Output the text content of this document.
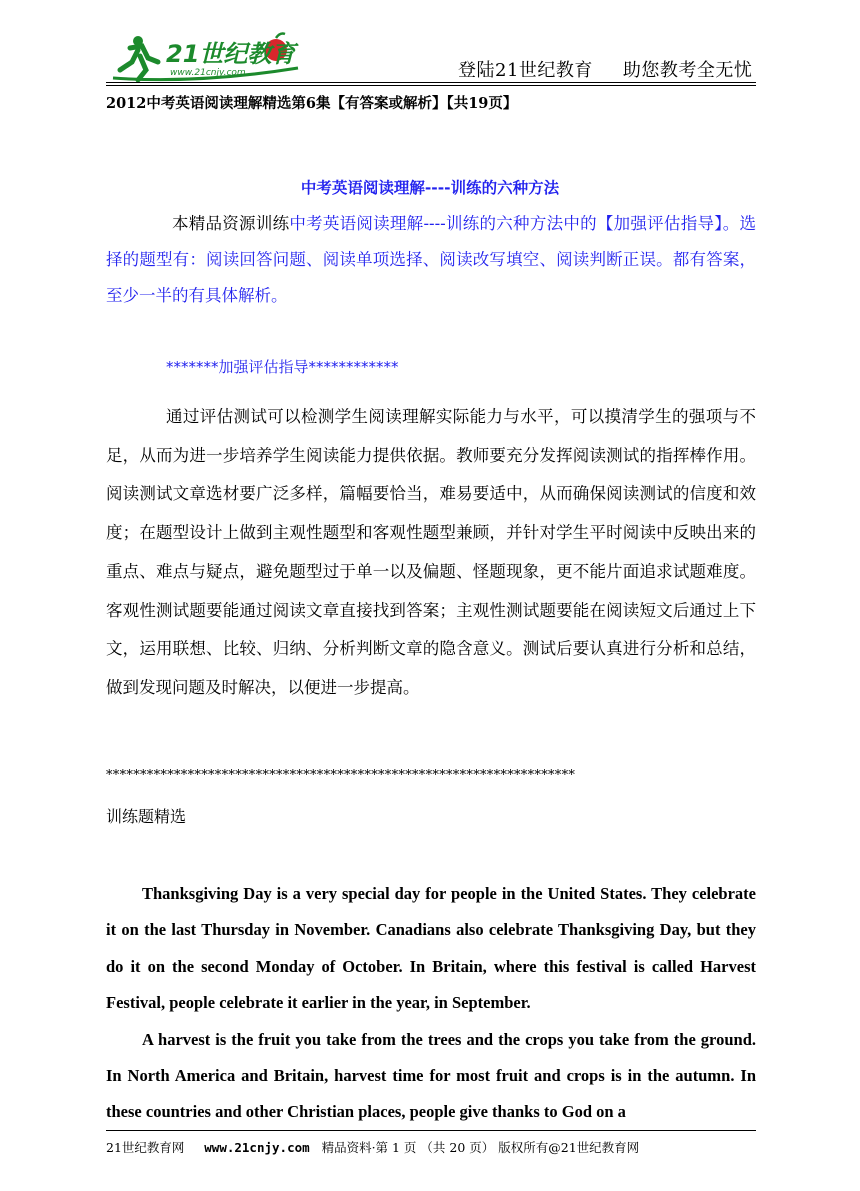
21世纪教育
www.21cnjy.com	登陆21世纪教育 助您教考全无忧
2012中考英语阅读理解精选第6集【有答案或解析】【共19页】
中考英语阅读理解----训练的六种方法
本精品资源训练中考英语阅读理解----训练的六种方法中的【加强评估指导】。选择的题型有：阅读回答问题、阅读单项选择、阅读改写填空、阅读判断正误。都有答案，至少一半的有具体解析。
*******加强评估指导************
通过评估测试可以检测学生阅读理解实际能力与水平，可以摸清学生的强项与不足，从而为进一步培养学生阅读能力提供依据。教师要充分发挥阅读测试的指挥棒作用。阅读测试文章选材要广泛多样，篇幅要恰当，难易要适中，从而确保阅读测试的信度和效度；在题型设计上做到主观性题型和客观性题型兼顾，并针对学生平时阅读中反映出来的重点、难点与疑点，避免题型过于单一以及偏题、怪题现象，更不能片面追求试题难度。客观性测试题要能通过阅读文章直接找到答案；主观性测试题要能在阅读短文后通过上下文，运用联想、比较、归纳、分析判断文章的隐含意义。测试后要认真进行分析和总结，做到发现问题及时解决，以便进一步提高。
*********************************************************************
训练题精选

Thanksgiving Day is a very special day for people in the United States. They celebrate it on the last Thursday in November. Canadians also celebrate Thanksgiving Day, but they do it on the second Monday of October. In Britain, where this festival is called Harvest Festival, people celebrate it earlier in the year, in September.

A harvest is the fruit you take from the trees and the crops you take from the ground. In North America and Britain, harvest time for most fruit and crops is in the autumn. In these countries and other Christian places, people give thanks to God on a

21世纪教育网 www.21cnjy.com 精品资料·第 1 页 （共 20 页） 版权所有@21世纪教育网
